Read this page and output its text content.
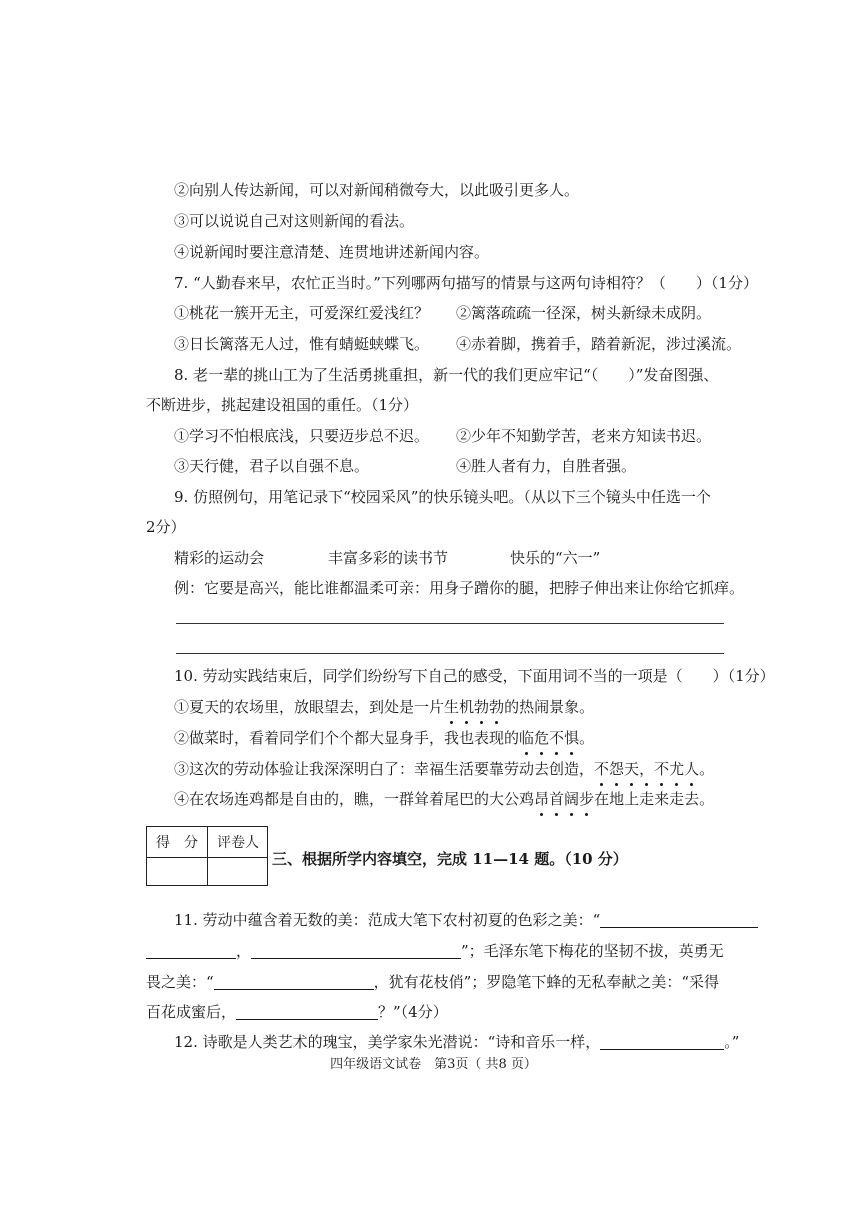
②向别人传达新闻，可以对新闻稍微夸大，以此吸引更多人。
③可以说说自己对这则新闻的看法。
④说新闻时要注意清楚、连贯地讲述新闻内容。
7. “人勤春来早，农忙正当时。”下列哪两句描写的情景与这两句诗相符？（　　）（1分）
①桃花一簇开无主，可爱深红爱浅红？ ②篱落疏疏一径深，树头新绿未成阴。
③日长篱落无人过，惟有蜻蜓蛱蝶飞。 ④赤着脚，携着手，踏着新泥，涉过溪流。
8. 老一辈的挑山工为了生活勇挑重担，新一代的我们更应牢记“（　　）”发奋图强、
不断进步，挑起建设祖国的重任。（1分）
①学习不怕根底浅，只要迈步总不迟。 ②少年不知勤学苦，老来方知读书迟。
③天行健，君子以自强不息。	④胜人者有力，自胜者强。
9. 仿照例句，用笔记录下“校园采风”的快乐镜头吧。（从以下三个镜头中任选一个
2分）
精彩的运动会	丰富多彩的读书节	快乐的“六一”
例：它要是高兴，能比谁都温柔可亲：用身子蹭你的腿，把脖子伸出来让你给它抓痒。
10. 劳动实践结束后，同学们纷纷写下自己的感受，下面用词不当的一项是（　　）（1分）
①夏天的农场里，放眼望去，到处是一片生机勃勃的热闹景象。
②做菜时，看着同学们个个都大显身手，我也表现的临危不惧。
③这次的劳动体验让我深深明白了：幸福生活要靠劳动去创造，不怨天，不尤人。
④在农场连鸡都是自由的，瞧，一群耸着尾巴的大公鸡昂首阔步在地上走来走去。
得　分	评卷人
三、根据所学内容填空，完成 11—14 题。（10 分）
11. 劳动中蕴含着无数的美：范成大笔下农村初夏的色彩之美：“
，	”；毛泽东笔下梅花的坚韧不拔，英勇无
畏之美：“	，犹有花枝俏”；罗隐笔下蜂的无私奉献之美：“采得
百花成蜜后，	？”（4分）
12. 诗歌是人类艺术的瑰宝，美学家朱光潜说：“诗和音乐一样，	。”
四年级语文试卷　第3页（ 共8 页）
